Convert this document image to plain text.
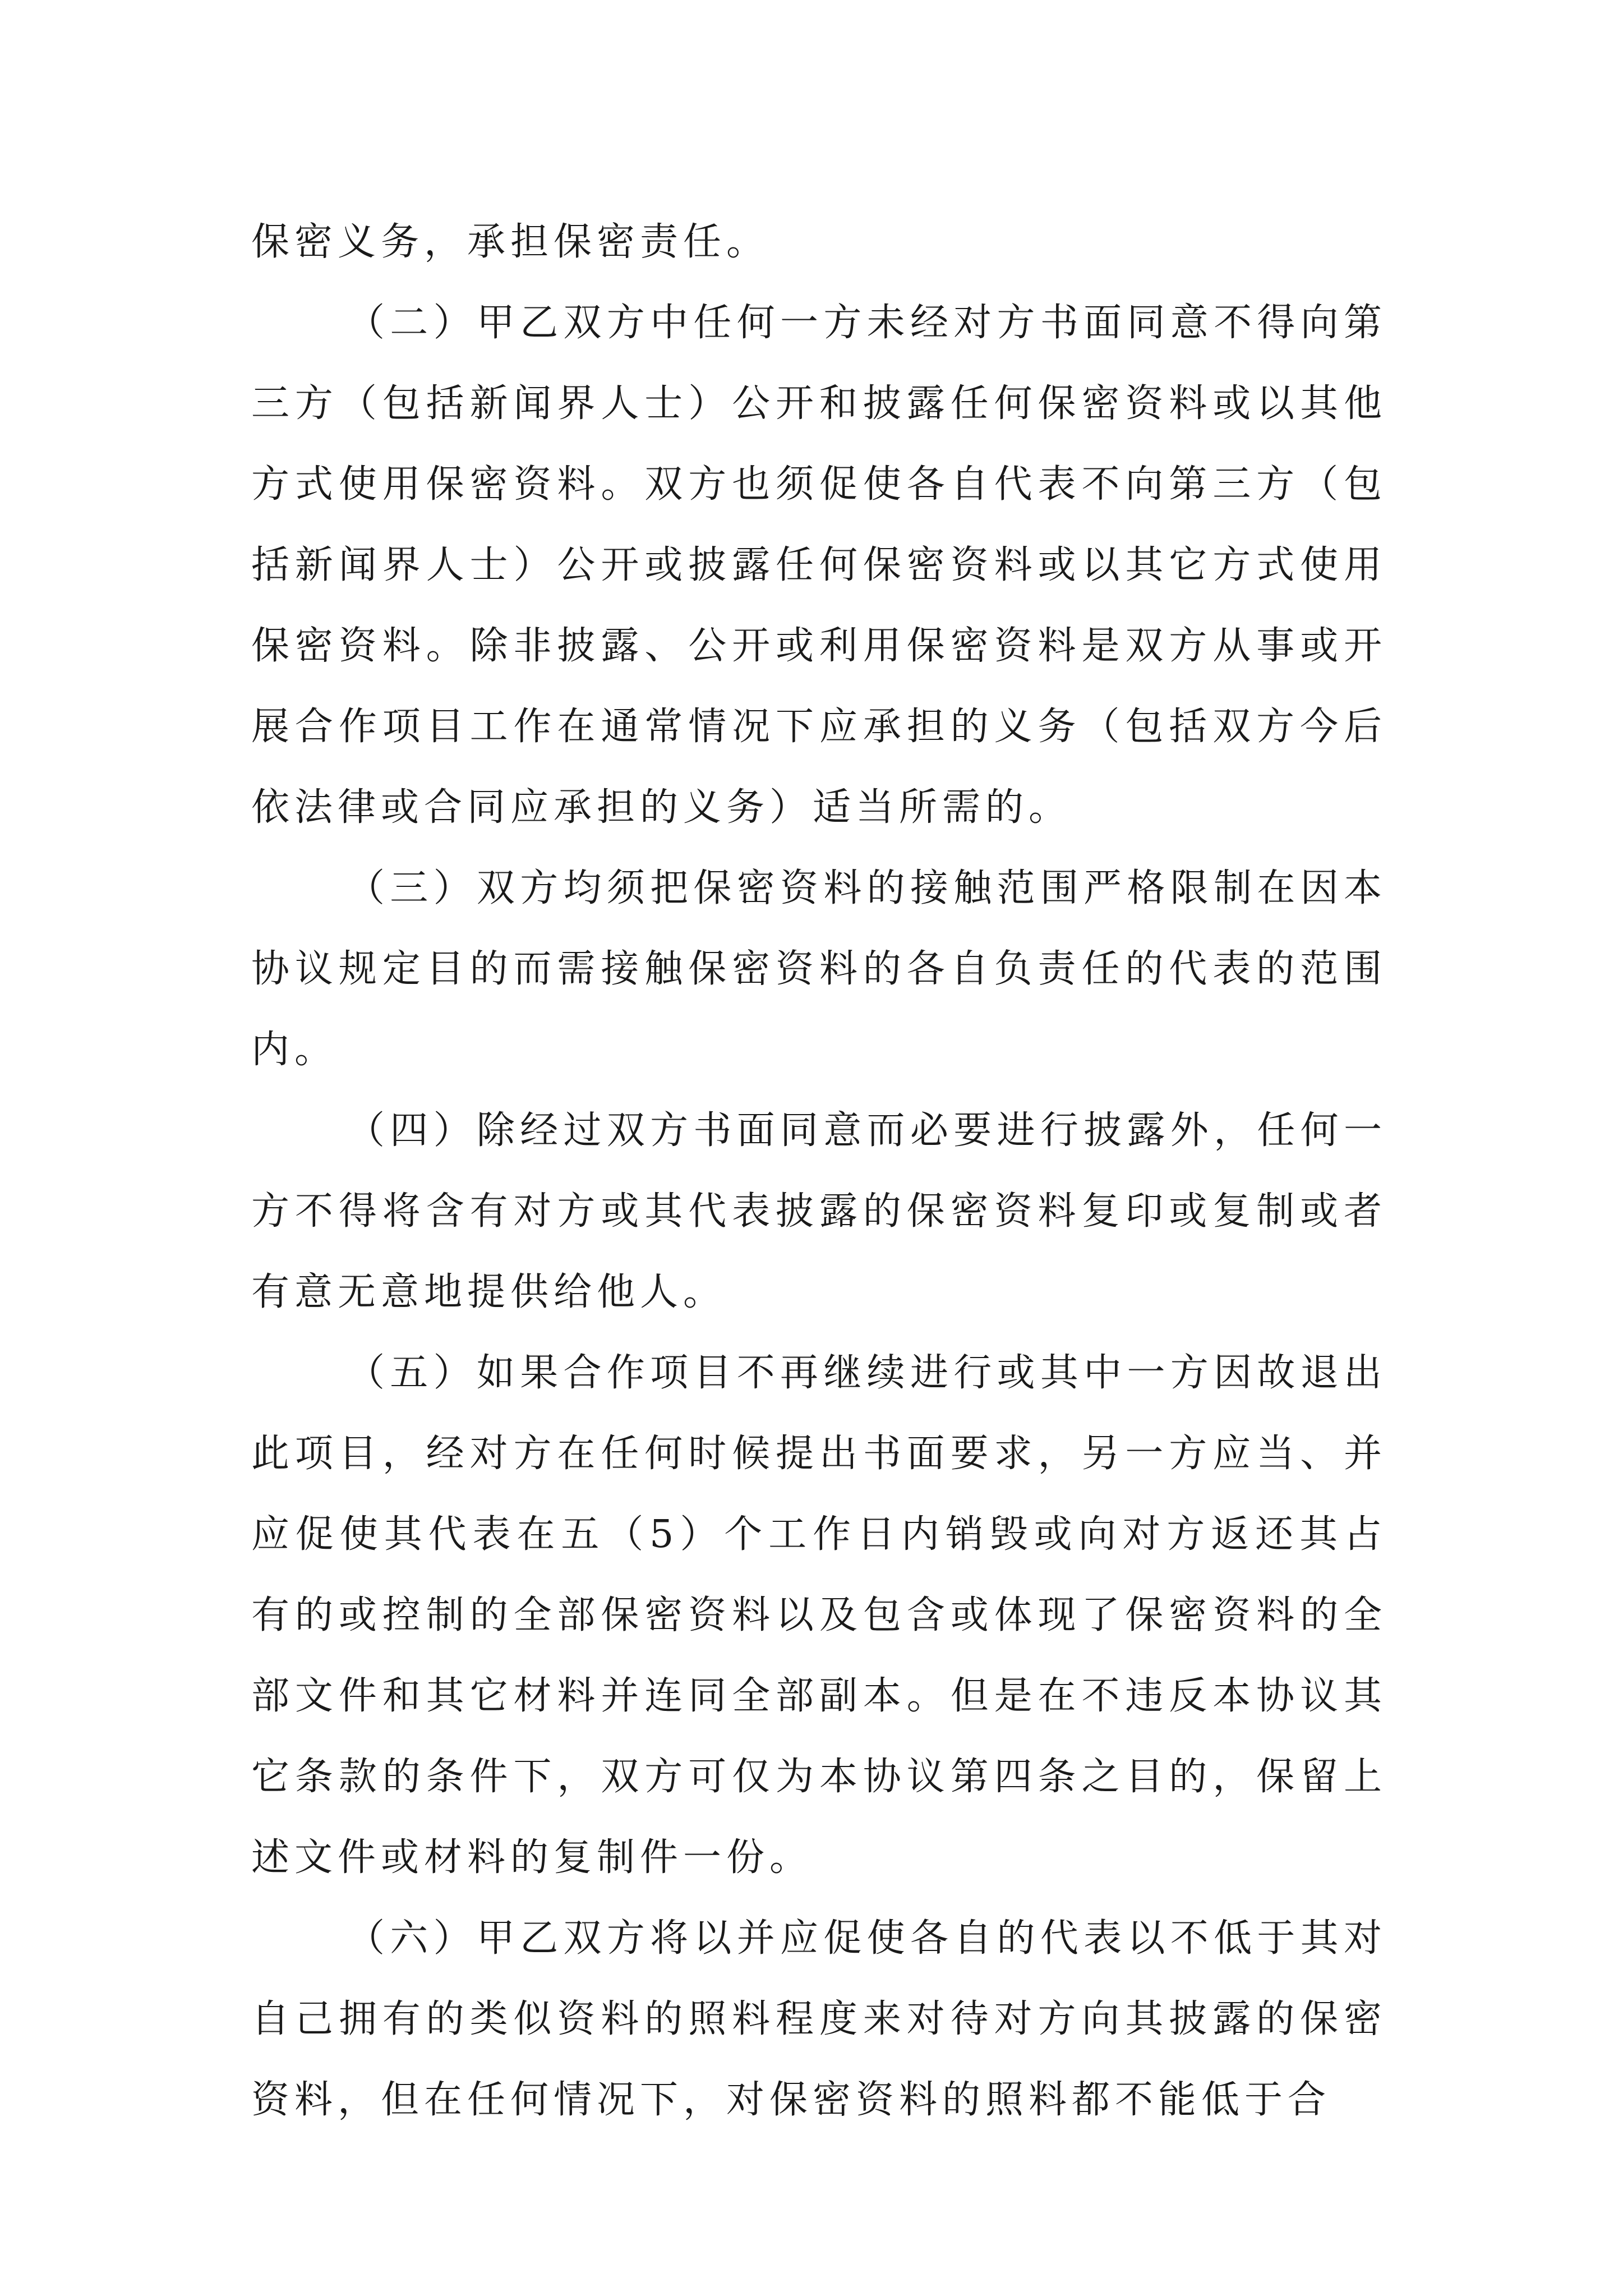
保密义务，承担保密责任。

（二）甲乙双方中任何一方未经对方书面同意不得向第三方（包括新闻界人士）公开和披露任何保密资料或以其他方式使用保密资料。双方也须促使各自代表不向第三方（包括新闻界人士）公开或披露任何保密资料或以其它方式使用保密资料。除非披露、公开或利用保密资料是双方从事或开展合作项目工作在通常情况下应承担的义务（包括双方今后依法律或合同应承担的义务）适当所需的。

（三）双方均须把保密资料的接触范围严格限制在因本协议规定目的而需接触保密资料的各自负责任的代表的范围内。

（四）除经过双方书面同意而必要进行披露外，任何一方不得将含有对方或其代表披露的保密资料复印或复制或者有意无意地提供给他人。

（五）如果合作项目不再继续进行或其中一方因故退出此项目，经对方在任何时候提出书面要求，另一方应当、并应促使其代表在五（5）个工作日内销毁或向对方返还其占有的或控制的全部保密资料以及包含或体现了保密资料的全部文件和其它材料并连同全部副本。但是在不违反本协议其它条款的条件下，双方可仅为本协议第四条之目的，保留上述文件或材料的复制件一份。

（六）甲乙双方将以并应促使各自的代表以不低于其对自己拥有的类似资料的照料程度来对待对方向其披露的保密资料，但在任何情况下，对保密资料的照料都不能低于合
